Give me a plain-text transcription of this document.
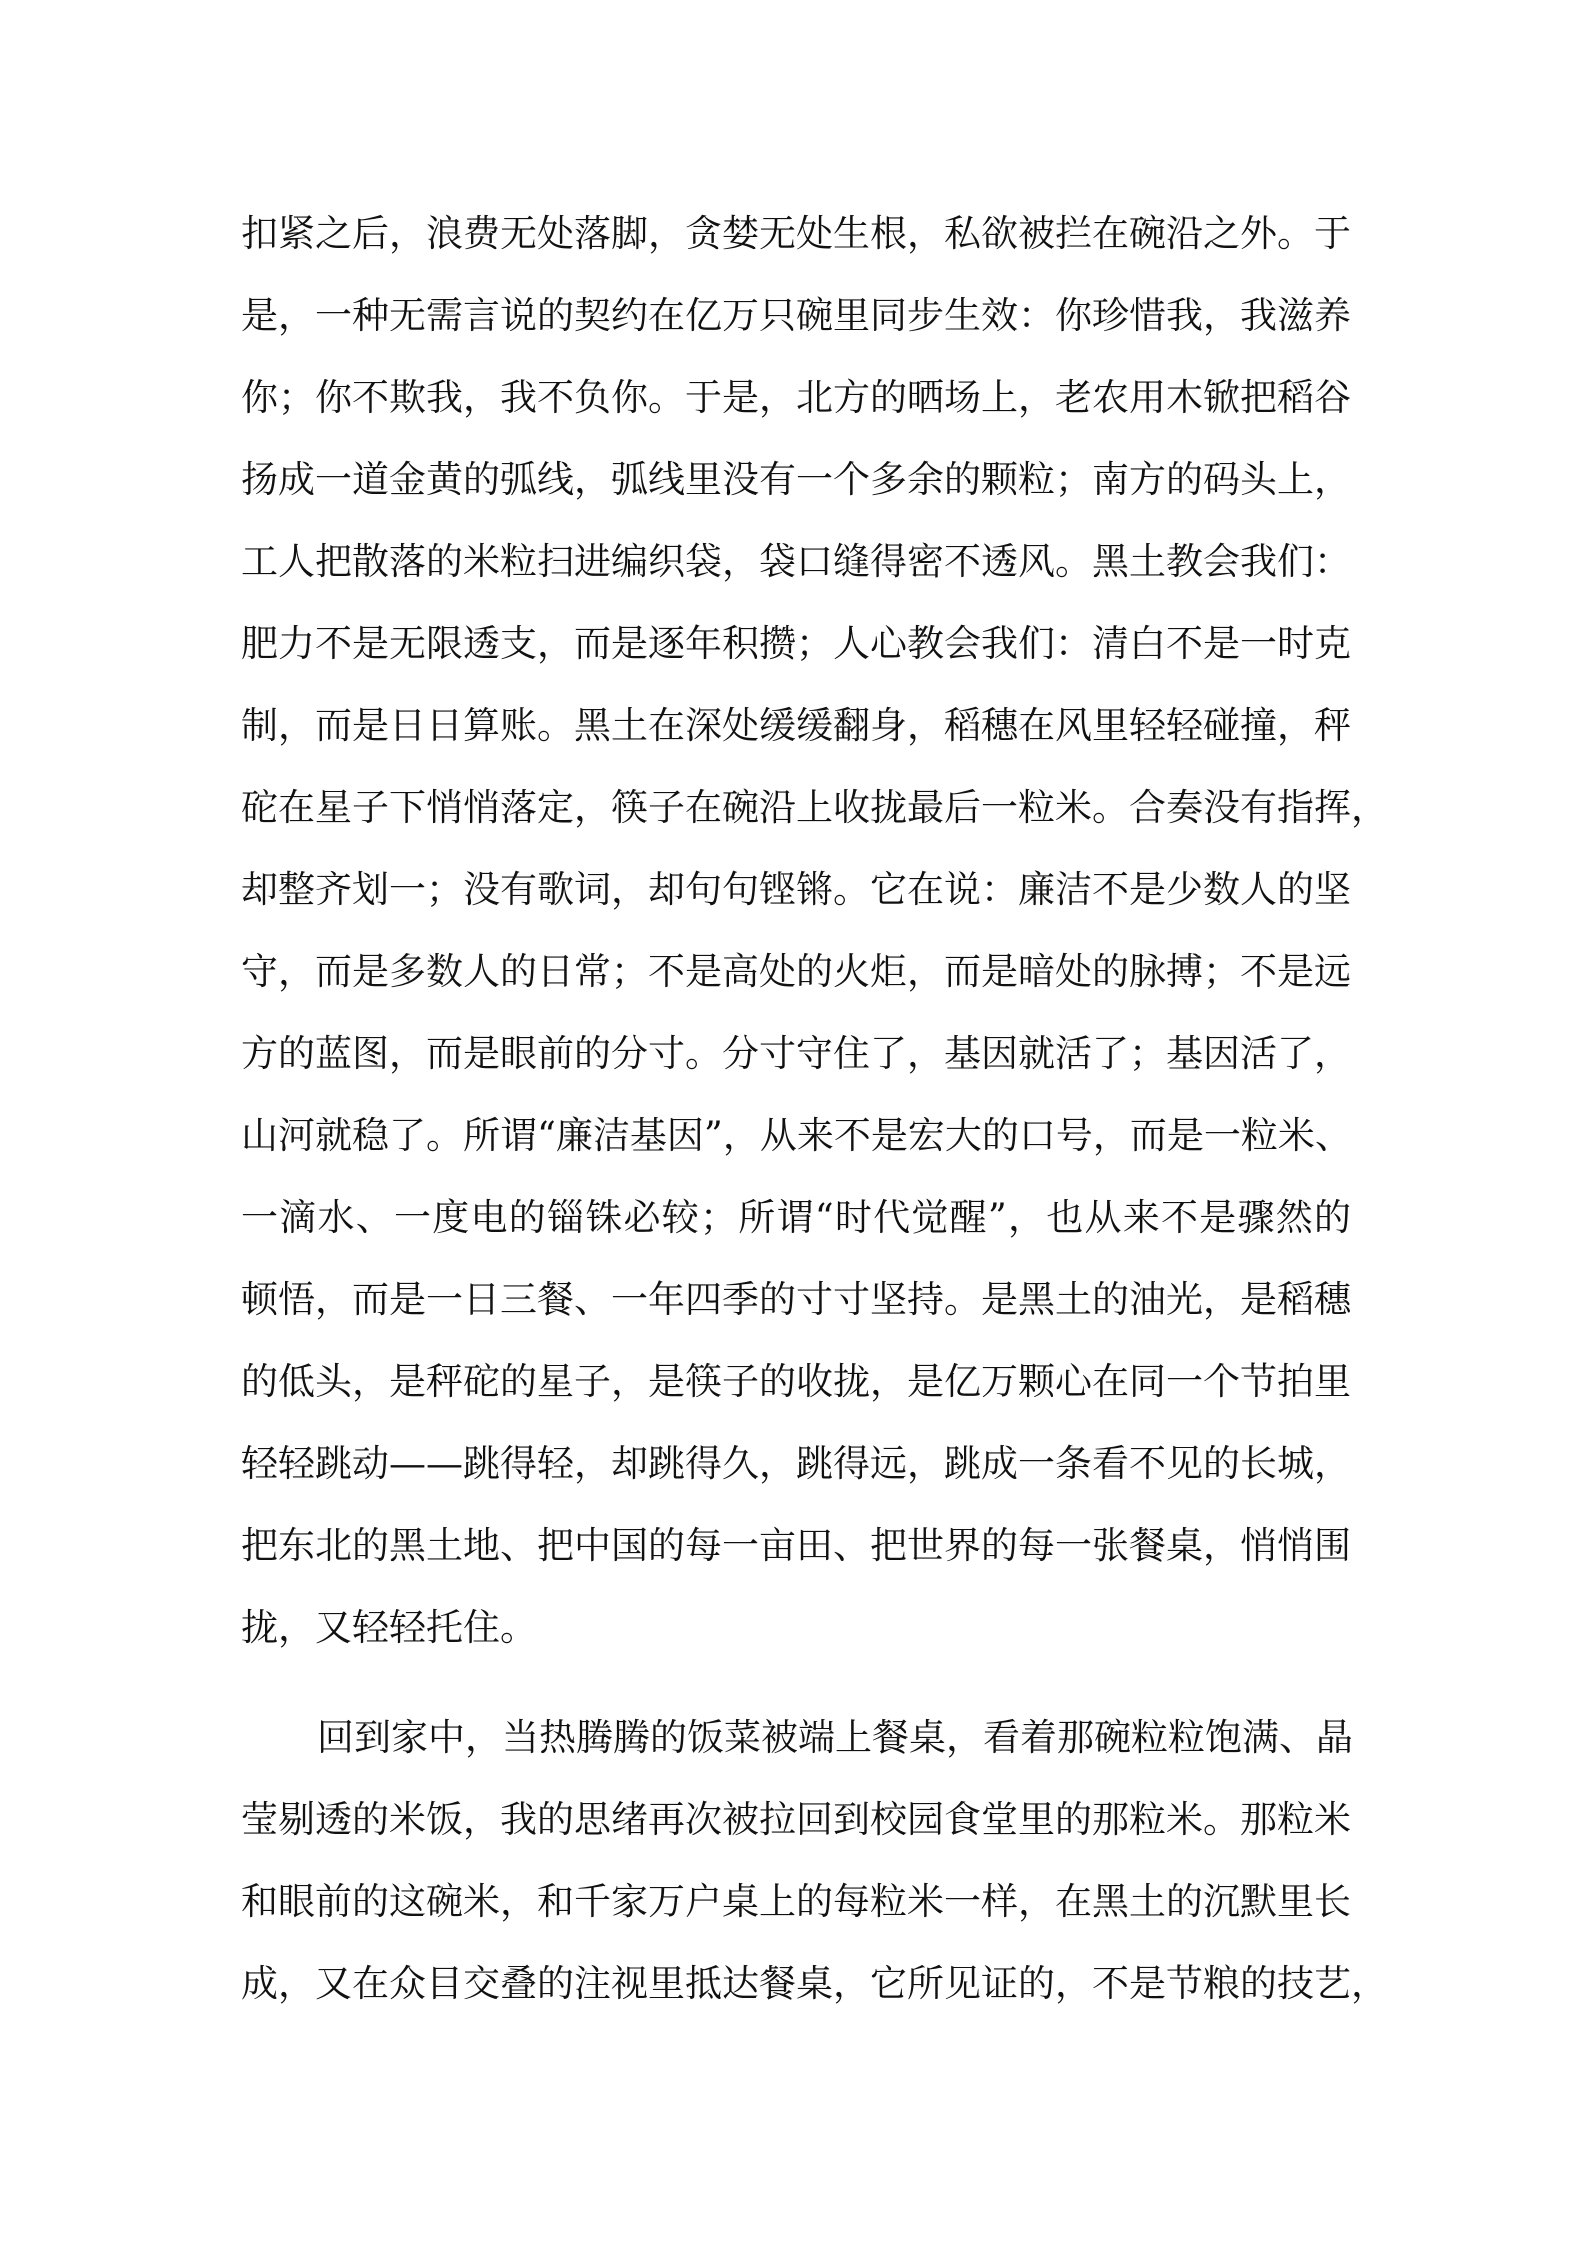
扣紧之后，浪费无处落脚，贪婪无处生根，私欲被拦在碗沿之外。于
是，一种无需言说的契约在亿万只碗里同步生效：你珍惜我，我滋养
你；你不欺我，我不负你。于是，北方的晒场上，老农用木锨把稻谷
扬成一道金黄的弧线，弧线里没有一个多余的颗粒；南方的码头上，
工人把散落的米粒扫进编织袋，袋口缝得密不透风。黑土教会我们：
肥力不是无限透支，而是逐年积攒；人心教会我们：清白不是一时克
制，而是日日算账。黑土在深处缓缓翻身，稻穗在风里轻轻碰撞，秤
砣在星子下悄悄落定，筷子在碗沿上收拢最后一粒米。合奏没有指挥，
却整齐划一；没有歌词，却句句铿锵。它在说：廉洁不是少数人的坚
守，而是多数人的日常；不是高处的火炬，而是暗处的脉搏；不是远
方的蓝图，而是眼前的分寸。分寸守住了，基因就活了；基因活了，
山河就稳了。所谓“廉洁基因”，从来不是宏大的口号，而是一粒米、
一滴水、一度电的锱铢必较；所谓“时代觉醒”，也从来不是骤然的
顿悟，而是一日三餐、一年四季的寸寸坚持。是黑土的油光，是稻穗
的低头，是秤砣的星子，是筷子的收拢，是亿万颗心在同一个节拍里
轻轻跳动——跳得轻，却跳得久，跳得远，跳成一条看不见的长城，
把东北的黑土地、把中国的每一亩田、把世界的每一张餐桌，悄悄围
拢，又轻轻托住。
回到家中，当热腾腾的饭菜被端上餐桌，看着那碗粒粒饱满、晶
莹剔透的米饭，我的思绪再次被拉回到校园食堂里的那粒米。那粒米
和眼前的这碗米，和千家万户桌上的每粒米一样，在黑土的沉默里长
成，又在众目交叠的注视里抵达餐桌，它所见证的，不是节粮的技艺，
